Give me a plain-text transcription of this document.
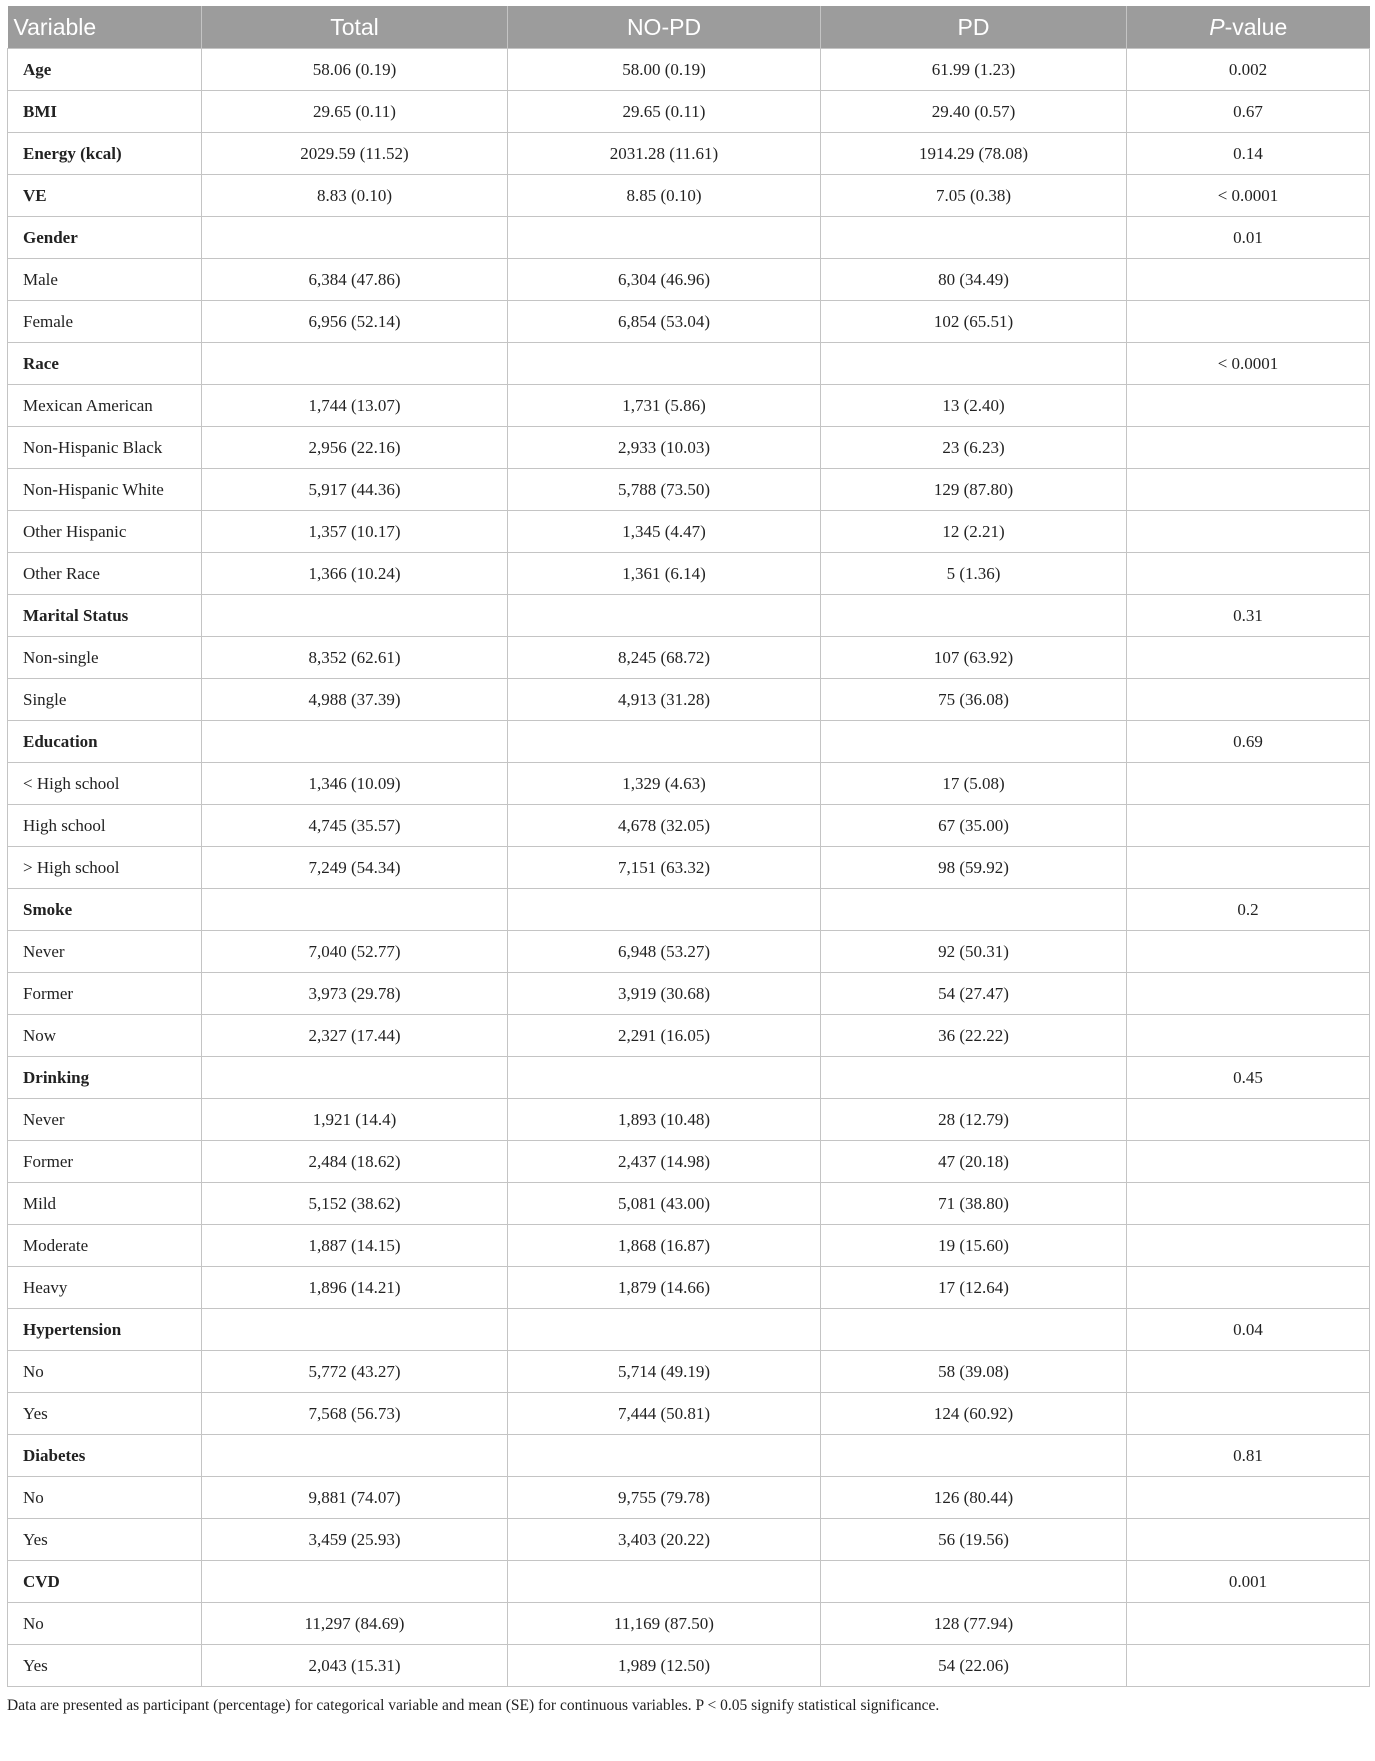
Variable	Total	NO-PD	PD	P-value
Age	58.06 (0.19)	58.00 (0.19)	61.99 (1.23)	0.002
BMI	29.65 (0.11)	29.65 (0.11)	29.40 (0.57)	0.67
Energy (kcal)	2029.59 (11.52)	2031.28 (11.61)	1914.29 (78.08)	0.14
VE	8.83 (0.10)	8.85 (0.10)	7.05 (0.38)	< 0.0001
Gender				0.01
Male	6,384 (47.86)	6,304 (46.96)	80 (34.49)	
Female	6,956 (52.14)	6,854 (53.04)	102 (65.51)	
Race				< 0.0001
Mexican American	1,744 (13.07)	1,731 (5.86)	13 (2.40)	
Non-Hispanic Black	2,956 (22.16)	2,933 (10.03)	23 (6.23)	
Non-Hispanic White	5,917 (44.36)	5,788 (73.50)	129 (87.80)	
Other Hispanic	1,357 (10.17)	1,345 (4.47)	12 (2.21)	
Other Race	1,366 (10.24)	1,361 (6.14)	5 (1.36)	
Marital Status				0.31
Non-single	8,352 (62.61)	8,245 (68.72)	107 (63.92)	
Single	4,988 (37.39)	4,913 (31.28)	75 (36.08)	
Education				0.69
< High school	1,346 (10.09)	1,329 (4.63)	17 (5.08)	
High school	4,745 (35.57)	4,678 (32.05)	67 (35.00)	
> High school	7,249 (54.34)	7,151 (63.32)	98 (59.92)	
Smoke				0.2
Never	7,040 (52.77)	6,948 (53.27)	92 (50.31)	
Former	3,973 (29.78)	3,919 (30.68)	54 (27.47)	
Now	2,327 (17.44)	2,291 (16.05)	36 (22.22)	
Drinking				0.45
Never	1,921 (14.4)	1,893 (10.48)	28 (12.79)	
Former	2,484 (18.62)	2,437 (14.98)	47 (20.18)	
Mild	5,152 (38.62)	5,081 (43.00)	71 (38.80)	
Moderate	1,887 (14.15)	1,868 (16.87)	19 (15.60)	
Heavy	1,896 (14.21)	1,879 (14.66)	17 (12.64)	
Hypertension				0.04
No	5,772 (43.27)	5,714 (49.19)	58 (39.08)	
Yes	7,568 (56.73)	7,444 (50.81)	124 (60.92)	
Diabetes				0.81
No	9,881 (74.07)	9,755 (79.78)	126 (80.44)	
Yes	3,459 (25.93)	3,403 (20.22)	56 (19.56)	
CVD				0.001
No	11,297 (84.69)	11,169 (87.50)	128 (77.94)	
Yes	2,043 (15.31)	1,989 (12.50)	54 (22.06)	
Data are presented as participant (percentage) for categorical variable and mean (SE) for continuous variables. P < 0.05 signify statistical significance.
